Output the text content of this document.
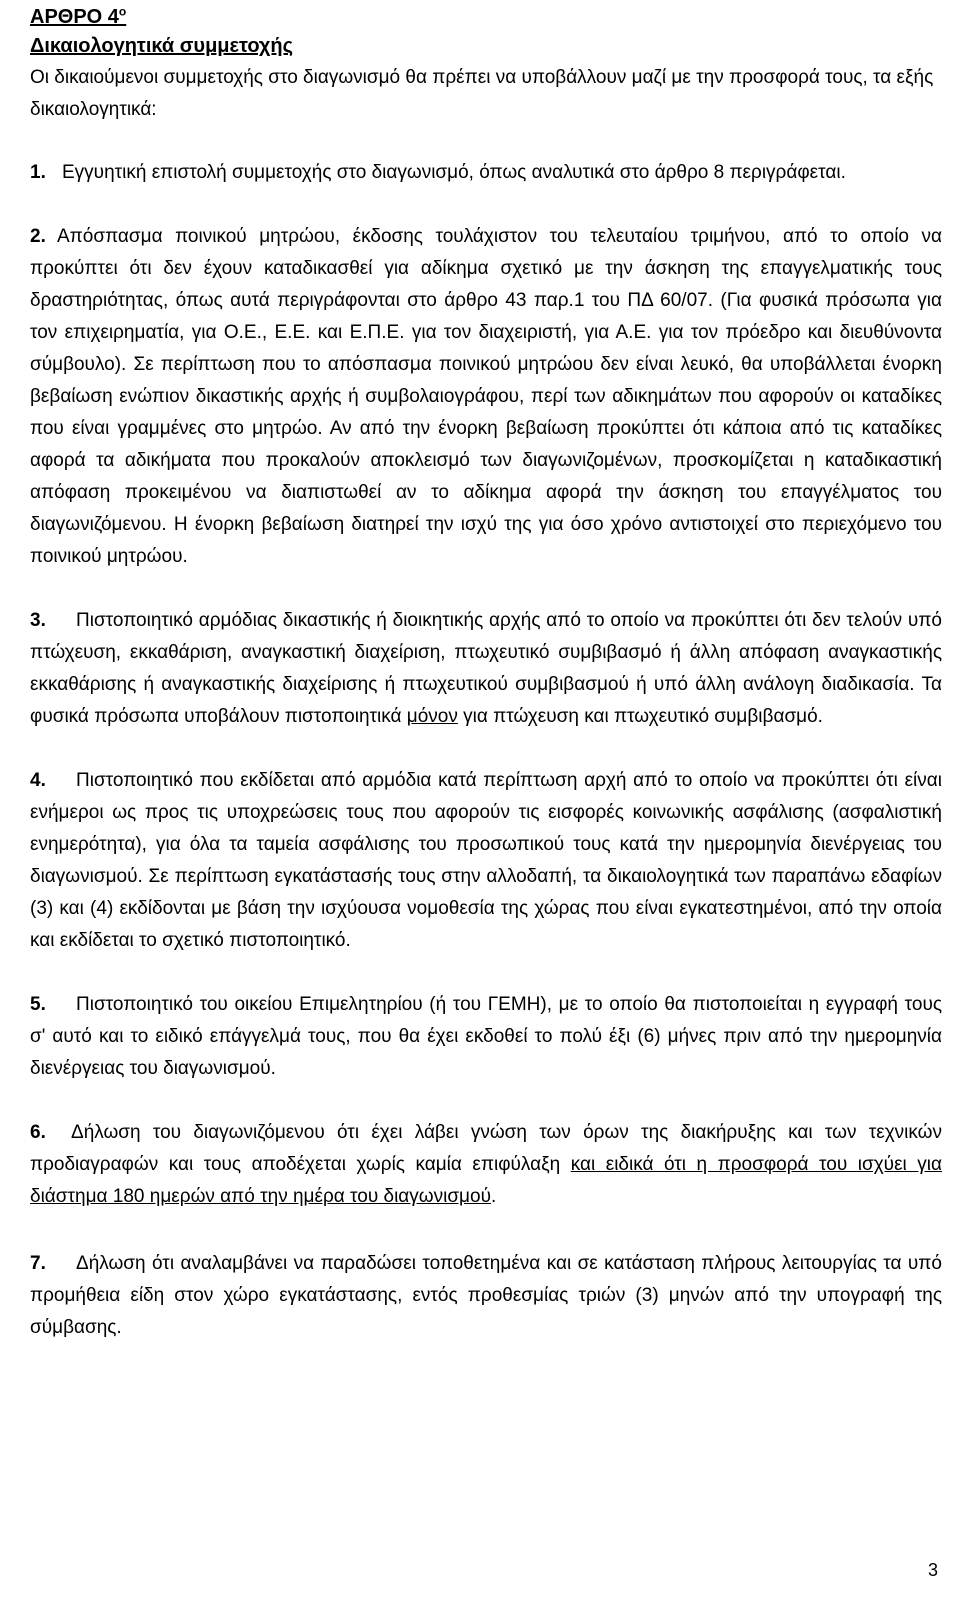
ΑΡΘΡΟ $4^o$
Δικαιολογητικά συμμετοχής

Οι δικαιούμενοι συμμετοχής στο διαγωνισμό θα πρέπει να υποβάλλουν μαζί με την προσφορά τους, τα εξής δικαιολογητικά:

1. Εγγυητική επιστολή συμμετοχής στο διαγωνισμό, όπως αναλυτικά στο άρθρο 8 περιγράφεται.

2. Απόσπασμα ποινικού μητρώου, έκδοσης τουλάχιστον του τελευταίου τριμήνου, από το οποίο να προκύπτει ότι δεν έχουν καταδικασθεί για αδίκημα σχετικό με την άσκηση της επαγγελματικής τους δραστηριότητας, όπως αυτά περιγράφονται στο άρθρο 43 παρ.1 του ΠΔ 60/07. (Για φυσικά πρόσωπα για τον επιχειρηματία, για Ο.Ε., Ε.Ε. και Ε.Π.Ε. για τον διαχειριστή, για Α.Ε. για τον πρόεδρο και διευθύνοντα σύμβουλο). Σε περίπτωση που το απόσπασμα ποινικού μητρώου δεν είναι λευκό, θα υποβάλλεται ένορκη βεβαίωση ενώπιον δικαστικής αρχής ή συμβολαιογράφου, περί των αδικημάτων που αφορούν οι καταδίκες που είναι γραμμένες στο μητρώο. Αν από την ένορκη βεβαίωση προκύπτει ότι κάποια από τις καταδίκες αφορά τα αδικήματα που προκαλούν αποκλεισμό των διαγωνιζομένων, προσκομίζεται η καταδικαστική απόφαση προκειμένου να διαπιστωθεί αν το αδίκημα αφορά την άσκηση του επαγγέλματος του διαγωνιζόμενου. Η ένορκη βεβαίωση διατηρεί την ισχύ της για όσο χρόνο αντιστοιχεί στο περιεχόμενο του ποινικού μητρώου.

3. Πιστοποιητικό αρμόδιας δικαστικής ή διοικητικής αρχής από το οποίο να προκύπτει ότι δεν τελούν υπό πτώχευση, εκκαθάριση, αναγκαστική διαχείριση, πτωχευτικό συμβιβασμό ή άλλη απόφαση αναγκαστικής εκκαθάρισης ή αναγκαστικής διαχείρισης ή πτωχευτικού συμβιβασμού ή υπό άλλη ανάλογη διαδικασία. Τα φυσικά πρόσωπα υποβάλουν πιστοποιητικά μόνον για πτώχευση και πτωχευτικό συμβιβασμό.

4. Πιστοποιητικό που εκδίδεται από αρμόδια κατά περίπτωση αρχή από το οποίο να προκύπτει ότι είναι ενήμεροι ως προς τις υποχρεώσεις τους που αφορούν τις εισφορές κοινωνικής ασφάλισης (ασφαλιστική ενημερότητα), για όλα τα ταμεία ασφάλισης του προσωπικού τους κατά την ημερομηνία διενέργειας του διαγωνισμού. Σε περίπτωση εγκατάστασής τους στην αλλοδαπή, τα δικαιολογητικά των παραπάνω εδαφίων (3) και (4) εκδίδονται με βάση την ισχύουσα νομοθεσία της χώρας που είναι εγκατεστημένοι, από την οποία και εκδίδεται το σχετικό πιστοποιητικό.

5. Πιστοποιητικό του οικείου Επιμελητηρίου (ή του ΓΕΜΗ), με το οποίο θα πιστοποιείται η εγγραφή τους σ' αυτό και το ειδικό επάγγελμά τους, που θα έχει εκδοθεί το πολύ έξι (6) μήνες πριν από την ημερομηνία διενέργειας του διαγωνισμού.

6. Δήλωση του διαγωνιζόμενου ότι έχει λάβει γνώση των όρων της διακήρυξης και των τεχνικών προδιαγραφών και τους αποδέχεται χωρίς καμία επιφύλαξη και ειδικά ότι η προσφορά του ισχύει για διάστημα 180 ημερών από την ημέρα του διαγωνισμού.

7. Δήλωση ότι αναλαμβάνει να παραδώσει τοποθετημένα και σε κατάσταση πλήρους λειτουργίας τα υπό προμήθεια είδη στον χώρο εγκατάστασης, εντός προθεσμίας τριών (3) μηνών από την υπογραφή της σύμβασης.

3
